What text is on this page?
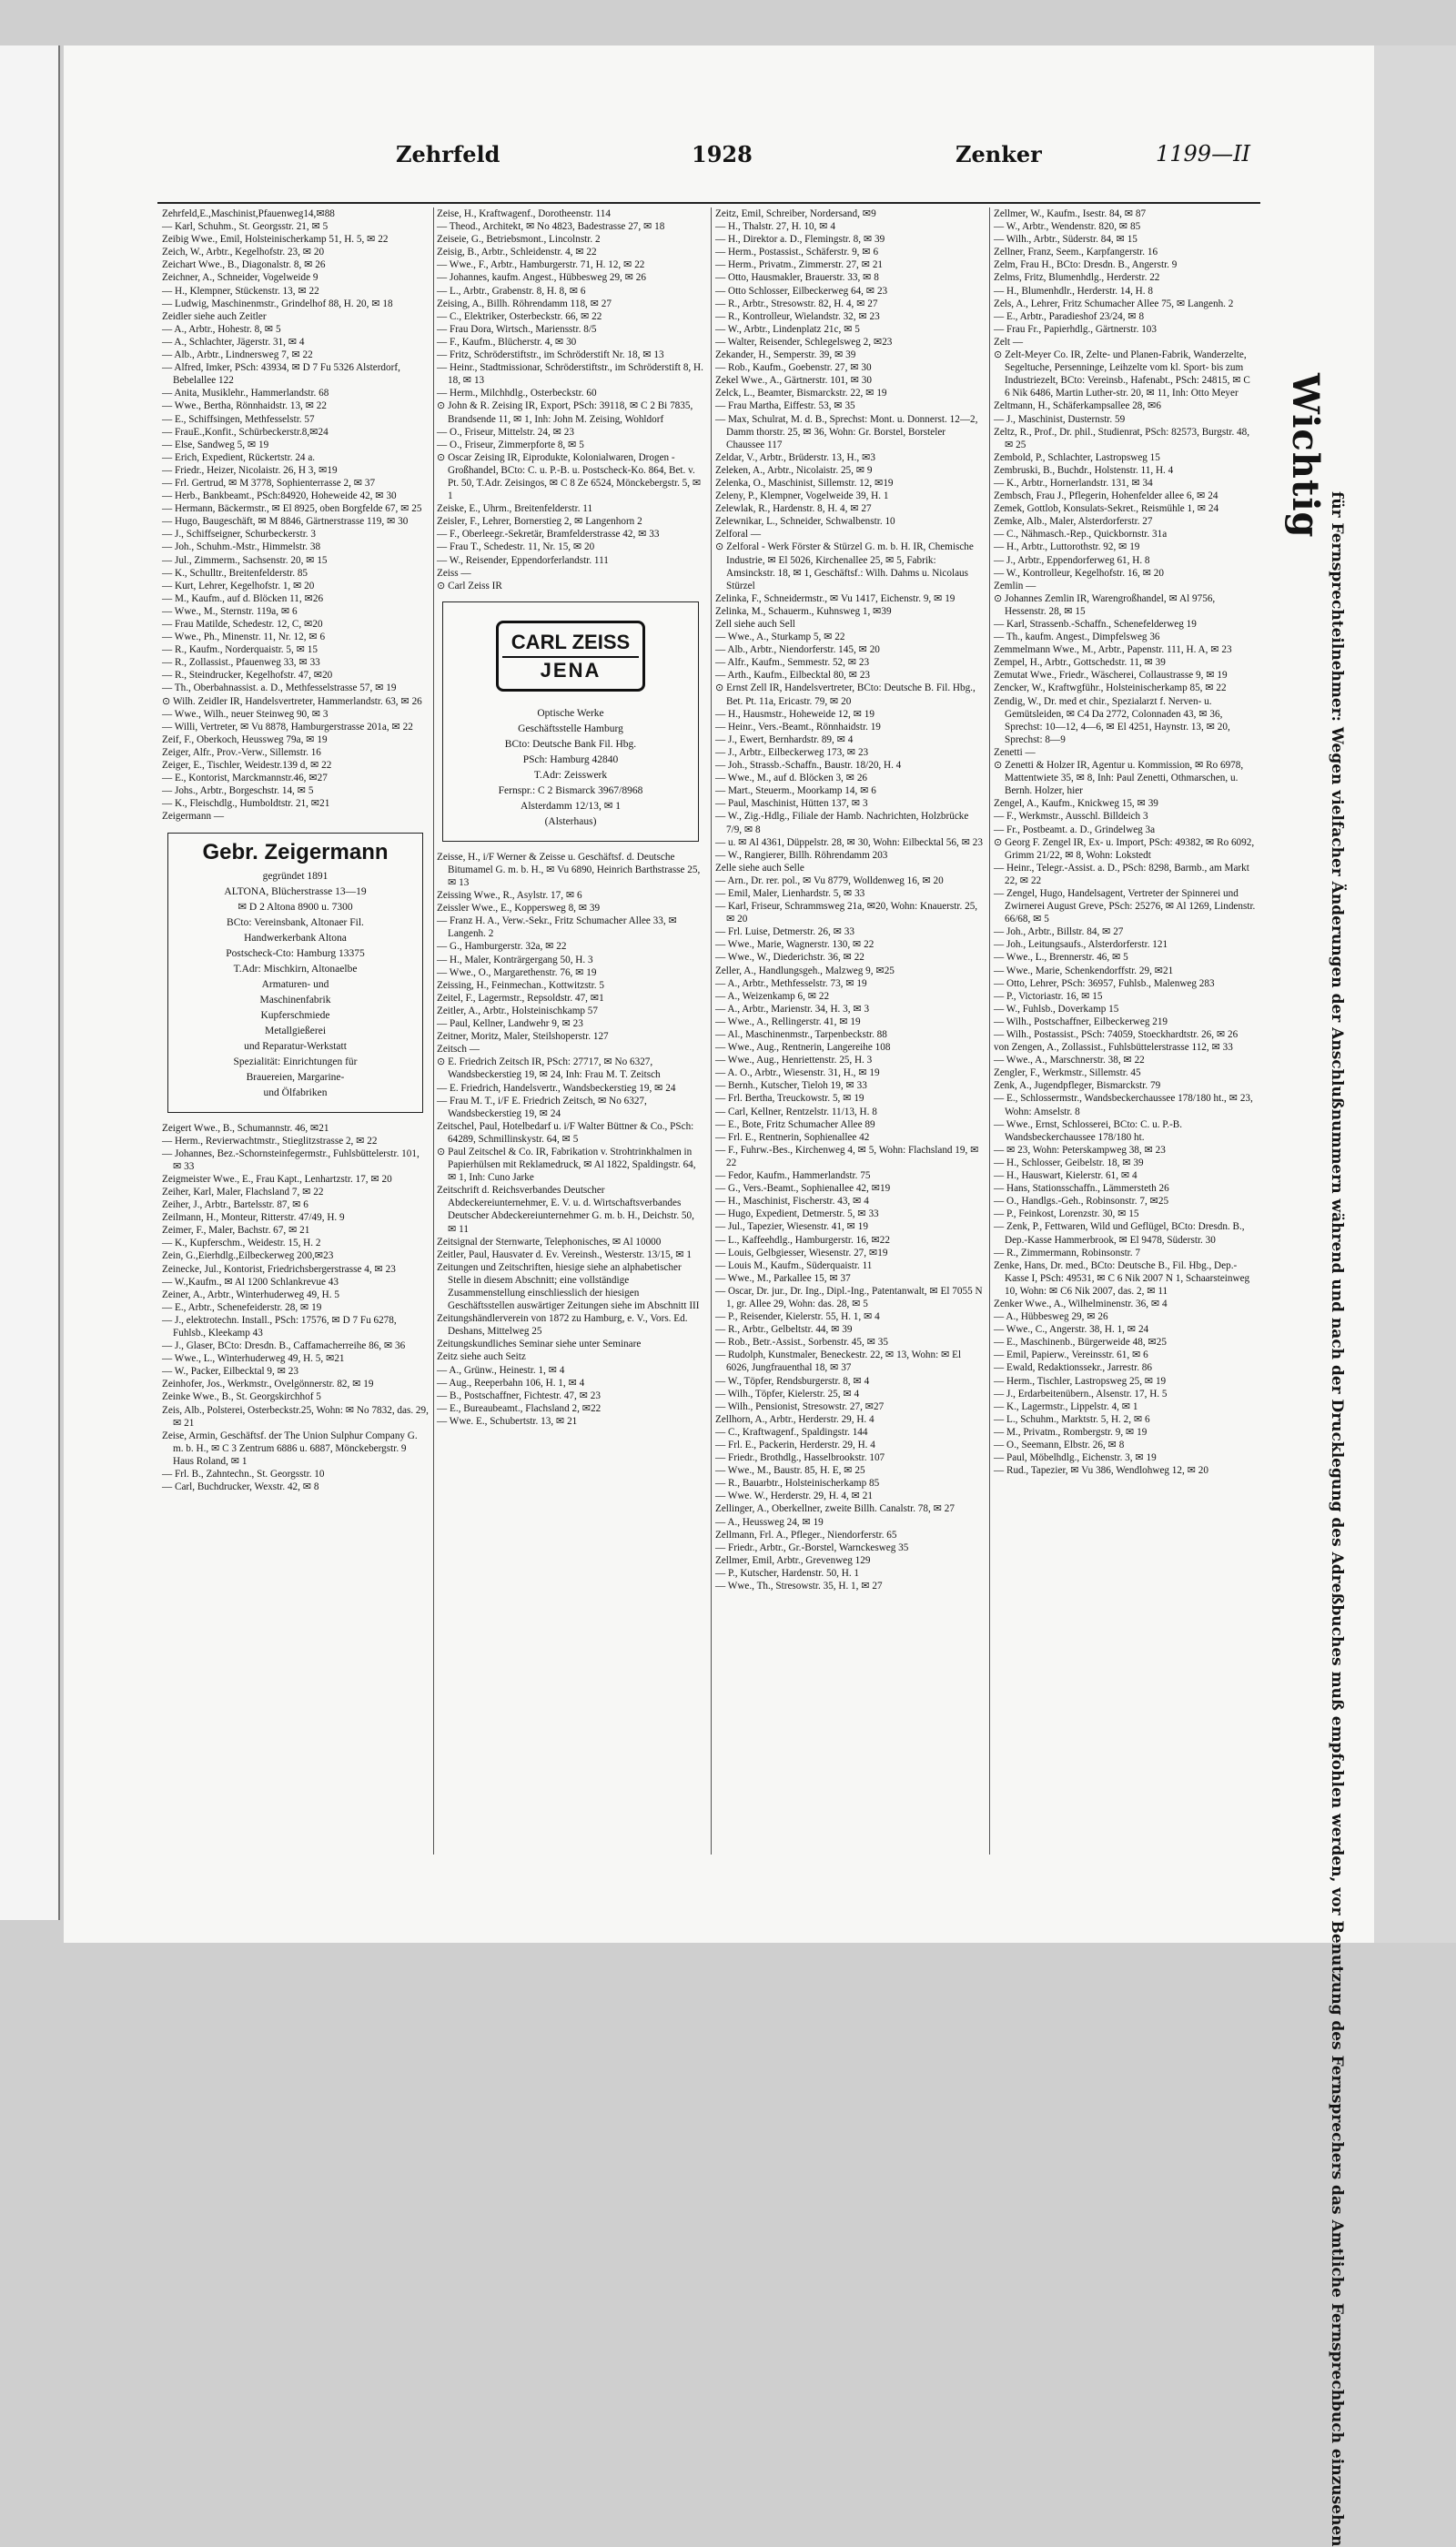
Zehrfeld	1928	Zenker	1199—II

Zehrfeld,E.,Maschinist,Pfauenweg14,✉88

— Karl, Schuhm., St. Georgsstr. 21, ✉ 5

Zeibig Wwe., Emil, Holsteinischerkamp 51, H. 5, ✉ 22

Zeich, W., Arbtr., Kegelhofstr. 23, ✉ 20

Zeichart Wwe., B., Diagonalstr. 8, ✉ 26

Zeichner, A., Schneider, Vogelweide 9

— H., Klempner, Stückenstr. 13, ✉ 22

— Ludwig, Maschinenmstr., Grindelhof 88, H. 20, ✉ 18

Zeidler siehe auch Zeitler

— A., Arbtr., Hohestr. 8, ✉ 5

— A., Schlachter, Jägerstr. 31, ✉ 4

— Alb., Arbtr., Lindnersweg 7, ✉ 22

— Alfred, Imker, PSch: 43934, ✉ D 7 Fu 5326 Alsterdorf, Bebelallee 122

— Anita, Musiklehr., Hammerlandstr. 68

— Wwe., Bertha, Rönnhaidstr. 13, ✉ 22

— E., Schiffsingen, Methfesselstr. 57

— FrauE.,Konfit., Schürbeckerstr.8,✉24

— Else, Sandweg 5, ✉ 19

— Erich, Expedient, Rückertstr. 24 a.

— Friedr., Heizer, Nicolaistr. 26, H 3, ✉19

— Frl. Gertrud, ✉ M 3778, Sophienterrasse 2, ✉ 37

— Herb., Bankbeamt., PSch:84920, Hoheweide 42, ✉ 30

— Hermann, Bäckermstr., ✉ El 8925, oben Borgfelde 67, ✉ 25

— Hugo, Baugeschäft, ✉ M 8846, Gärtnerstrasse 119, ✉ 30

— J., Schiffseigner, Schurbeckerstr. 3

— Joh., Schuhm.-Mstr., Himmelstr. 38

— Jul., Zimmerm., Sachsenstr. 20, ✉ 15

— K., Schulltr., Breitenfelderstr. 85

— Kurt, Lehrer, Kegelhofstr. 1, ✉ 20

— M., Kaufm., auf d. Blöcken 11, ✉26

— Wwe., M., Sternstr. 119a, ✉ 6

— Frau Matilde, Schedestr. 12, C, ✉20

— Wwe., Ph., Minenstr. 11, Nr. 12, ✉ 6

— R., Kaufm., Norderquaistr. 5, ✉ 15

— R., Zollassist., Pfauenweg 33, ✉ 33

— R., Steindrucker, Kegelhofstr. 47, ✉20

— Th., Oberbahnassist. a. D., Methfesselstrasse 57, ✉ 19

⊙ Wilh. Zeidler IR, Handelsvertreter, Hammerlandstr. 63, ✉ 26

— Wwe., Wilh., neuer Steinweg 90, ✉ 3

— Willi, Vertreter, ✉ Vu 8878, Hamburgerstrasse 201a, ✉ 22

Zeif, F., Oberkoch, Heussweg 79a, ✉ 19

Zeiger, Alfr., Prov.-Verw., Sillemstr. 16

Zeiger, E., Tischler, Weidestr.139 d, ✉ 22

— E., Kontorist, Marckmannstr.46, ✉27

— Johs., Arbtr., Borgeschstr. 14, ✉ 5

— K., Fleischdlg., Humboldtstr. 21, ✉21

Zeigermann —

Gebr. Zeigermann
gegründet 1891
ALTONA, Blücherstrasse 13—19
✉ D 2 Altona 8900 u. 7300
BCto: Vereinsbank, Altonaer Fil.
Handwerkerbank Altona
Postscheck-Cto: Hamburg 13375
T.Adr: Mischkirn, Altonaelbe
Armaturen- und
Maschinenfabrik
Kupferschmiede
Metallgießerei
und Reparatur-Werkstatt
Spezialität: Einrichtungen für
Brauereien, Margarine-
und Ölfabriken

Zeigert Wwe., B., Schumannstr. 46, ✉21

— Herm., Revierwachtmstr., Stieglitzstrasse 2, ✉ 22

— Johannes, Bez.-Schornsteinfegermstr., Fuhlsbüttelerstr. 101, ✉ 33

Zeigmeister Wwe., E., Frau Kapt., Lenhartzstr. 17, ✉ 20

Zeiher, Karl, Maler, Flachsland 7, ✉ 22

Zeiher, J., Arbtr., Bartelsstr. 87, ✉ 6

Zeilmann, H., Monteur, Ritterstr. 47/49, H. 9

Zeimer, F., Maler, Bachstr. 67, ✉ 21

— K., Kupferschm., Weidestr. 15, H. 2

Zein, G.,Eierhdlg.,Eilbeckerweg 200,✉23

Zeinecke, Jul., Kontorist, Friedrichsbergerstrasse 4, ✉ 23

— W.,Kaufm., ✉ Al 1200 Schlankrevue 43

Zeiner, A., Arbtr., Winterhuderweg 49, H. 5

— E., Arbtr., Schenefeiderstr. 28, ✉ 19

— J., elektrotechn. Install., PSch: 17576, ✉ D 7 Fu 6278, Fuhlsb., Kleekamp 43

— J., Glaser, BCto: Dresdn. B., Caffamacherreihe 86, ✉ 36

— Wwe., L., Winterhuderweg 49, H. 5, ✉21

— W., Packer, Eilbecktal 9, ✉ 23

Zeinhofer, Jos., Werkmstr., Ovelgönnerstr. 82, ✉ 19

Zeinke Wwe., B., St. Georgskirchhof 5

Zeis, Alb., Polsterei, Osterbeckstr.25, Wohn: ✉ No 7832, das. 29, ✉ 21

Zeise, Armin, Geschäftsf. der The Union Sulphur Company G. m. b. H., ✉ C 3 Zentrum 6886 u. 6887, Mönckebergstr. 9 Haus Roland, ✉ 1

— Frl. B., Zahntechn., St. Georgsstr. 10

— Carl, Buchdrucker, Wexstr. 42, ✉ 8

Zeise, H., Kraftwagenf., Dorotheenstr. 114

— Theod., Architekt, ✉ No 4823, Badestrasse 27, ✉ 18

Zeiseie, G., Betriebsmont., Lincolnstr. 2

Zeisig, B., Arbtr., Schleidenstr. 4, ✉ 22

— Wwe., F., Arbtr., Hamburgerstr. 71, H. 12, ✉ 22

— Johannes, kaufm. Angest., Hübbesweg 29, ✉ 26

— L., Arbtr., Grabenstr. 8, H. 8, ✉ 6

Zeising, A., Billh. Röhrendamm 118, ✉ 27

— C., Elektriker, Osterbeckstr. 66, ✉ 22

— Frau Dora, Wirtsch., Mariensstr. 8/5

— F., Kaufm., Blücherstr. 4, ✉ 30

— Fritz, Schröderstiftstr., im Schröderstift Nr. 18, ✉ 13

— Heinr., Stadtmissionar, Schröderstiftstr., im Schröderstift 8, H. 18, ✉ 13

— Herm., Milchhdlg., Osterbeckstr. 60

⊙ John & R. Zeising IR, Export, PSch: 39118, ✉ C 2 Bi 7835, Brandsende 11, ✉ 1, Inh: John M. Zeising, Wohldorf

— O., Friseur, Mittelstr. 24, ✉ 23

— O., Friseur, Zimmerpforte 8, ✉ 5

⊙ Oscar Zeising IR, Eiprodukte, Kolonialwaren, Drogen - Großhandel, BCto: C. u. P.-B. u. Postscheck-Ko. 864, Bet. v. Pt. 50, T.Adr. Zeisingos, ✉ C 8 Ze 6524, Mönckebergstr. 5, ✉ 1

Zeiske, E., Uhrm., Breitenfelderstr. 11

Zeisler, F., Lehrer, Bornerstieg 2, ✉ Langenhorn 2

— F., Oberleegr.-Sekretär, Bramfelderstrasse 42, ✉ 33

— Frau T., Schedestr. 11, Nr. 15, ✉ 20

— W., Reisender, Eppendorferlandstr. 111

Zeiss —

⊙ Carl Zeiss IR

CARL ZEISS
JENA
Optische Werke
Geschäftsstelle Hamburg
BCto: Deutsche Bank Fil. Hbg.
PSch: Hamburg 42840
T.Adr: Zeisswerk
Fernspr.: C 2 Bismarck 3967/8968
Alsterdamm 12/13, ✉ 1
(Alsterhaus)

Zeisse, H., i/F Werner & Zeisse u. Geschäftsf. d. Deutsche Bitumamel G. m. b. H., ✉ Vu 6890, Heinrich Barthstrasse 25, ✉ 13

Zeissing Wwe., R., Asylstr. 17, ✉ 6

Zeissler Wwe., E., Koppersweg 8, ✉ 39

— Franz H. A., Verw.-Sekr., Fritz Schumacher Allee 33, ✉ Langenh. 2

— G., Hamburgerstr. 32a, ✉ 22

— H., Maler, Konträrgergang 50, H. 3

— Wwe., O., Margarethenstr. 76, ✉ 19

Zeissing, H., Feinmechan., Kottwitzstr. 5

Zeitel, F., Lagermstr., Repsoldstr. 47, ✉1

Zeitler, A., Arbtr., Holsteinischkamp 57

— Paul, Kellner, Landwehr 9, ✉ 23

Zeitner, Moritz, Maler, Steilshoperstr. 127

Zeitsch —

⊙ E. Friedrich Zeitsch IR, PSch: 27717, ✉ No 6327, Wandsbeckerstieg 19, ✉ 24, Inh: Frau M. T. Zeitsch

— E. Friedrich, Handelsvertr., Wandsbeckerstieg 19, ✉ 24

— Frau M. T., i/F E. Friedrich Zeitsch, ✉ No 6327, Wandsbeckerstieg 19, ✉ 24

Zeitschel, Paul, Hotelbedarf u. i/F Walter Büttner & Co., PSch: 64289, Schmillinskystr. 64, ✉ 5

⊙ Paul Zeitschel & Co. IR, Fabrikation v. Strohtrinkhalmen in Papierhülsen mit Reklamedruck, ✉ Al 1822, Spaldingstr. 64, ✉ 1, Inh: Cuno Jarke

Zeitschrift d. Reichsverbandes Deutscher Abdeckereiunternehmer, E. V. u. d. Wirtschaftsverbandes Deutscher Abdeckereiunternehmer G. m. b. H., Deichstr. 50, ✉ 11

Zeitsignal der Sternwarte, Telephonisches, ✉ Al 10000

Zeitler, Paul, Hausvater d. Ev. Vereinsh., Westerstr. 13/15, ✉ 1

Zeitungen und Zeitschriften, hiesige siehe an alphabetischer Stelle in diesem Abschnitt; eine vollständige Zusammenstellung einschliesslich der hiesigen Geschäftsstellen auswärtiger Zeitungen siehe im Abschnitt III

Zeitungshändlerverein von 1872 zu Hamburg, e. V., Vors. Ed. Deshans, Mittelweg 25

Zeitungskundliches Seminar siehe unter Seminare

Zeitz siehe auch Seitz

— A., Grünw., Heinestr. 1, ✉ 4

— Aug., Reeperbahn 106, H. 1, ✉ 4

— B., Postschaffner, Fichtestr. 47, ✉ 23

— E., Bureaubeamt., Flachsland 2, ✉22

— Wwe. E., Schubertstr. 13, ✉ 21

Zeitz, Emil, Schreiber, Nordersand, ✉9

— H., Thalstr. 27, H. 10, ✉ 4

— H., Direktor a. D., Flemingstr. 8, ✉ 39

— Herm., Postassist., Schäferstr. 9, ✉ 6

— Herm., Privatm., Zimmerstr. 27, ✉ 21

— Otto, Hausmakler, Brauerstr. 33, ✉ 8

— Otto Schlosser, Eilbeckerweg 64, ✉ 23

— R., Arbtr., Stresowstr. 82, H. 4, ✉ 27

— R., Kontrolleur, Wielandstr. 32, ✉ 23

— W., Arbtr., Lindenplatz 21c, ✉ 5

— Walter, Reisender, Schlegelsweg 2, ✉23

Zekander, H., Semperstr. 39, ✉ 39

— Rob., Kaufm., Goebenstr. 27, ✉ 30

Zekel Wwe., A., Gärtnerstr. 101, ✉ 30

Zelck, L., Beamter, Bismarckstr. 22, ✉ 19

— Frau Martha, Eiffestr. 53, ✉ 35

— Max, Schulrat, M. d. B., Sprechst: Mont. u. Donnerst. 12—2, Damm thorstr. 25, ✉ 36, Wohn: Gr. Borstel, Borsteler Chaussee 117

Zeldar, V., Arbtr., Brüderstr. 13, H., ✉3

Zeleken, A., Arbtr., Nicolaistr. 25, ✉ 9

Zelenka, O., Maschinist, Sillemstr. 12, ✉19

Zeleny, P., Klempner, Vogelweide 39, H. 1

Zelewlak, R., Hardenstr. 8, H. 4, ✉ 27

Zelewnikar, L., Schneider, Schwalbenstr. 10

Zelforal —

⊙ Zelforal - Werk Förster & Stürzel G. m. b. H. IR, Chemische Industrie, ✉ El 5026, Kirchenallee 25, ✉ 5, Fabrik: Amsinckstr. 18, ✉ 1, Geschäftsf.: Wilh. Dahms u. Nicolaus Stürzel

Zelinka, F., Schneidermstr., ✉ Vu 1417, Eichenstr. 9, ✉ 19

Zelinka, M., Schauerm., Kuhnsweg 1, ✉39

Zell siehe auch Sell

— Wwe., A., Sturkamp 5, ✉ 22

— Alb., Arbtr., Niendorferstr. 145, ✉ 20

— Alfr., Kaufm., Semmestr. 52, ✉ 23

— Arth., Kaufm., Eilbecktal 80, ✉ 23

⊙ Ernst Zell IR, Handelsvertreter, BCto: Deutsche B. Fil. Hbg., Bet. Pt. 11a, Ericastr. 79, ✉ 20

— H., Hausmstr., Hoheweide 12, ✉ 19

— Heinr., Vers.-Beamt., Rönnhaidstr. 19

— J., Ewert, Bernhardstr. 89, ✉ 4

— J., Arbtr., Eilbeckerweg 173, ✉ 23

— Joh., Strassb.-Schaffn., Baustr. 18/20, H. 4

— Wwe., M., auf d. Blöcken 3, ✉ 26

— Mart., Steuerm., Moorkamp 14, ✉ 6

— Paul, Maschinist, Hütten 137, ✉ 3

— W., Zig.-Hdlg., Filiale der Hamb. Nachrichten, Holzbrücke 7/9, ✉ 8

— u. ✉ Al 4361, Düppelstr. 28, ✉ 30, Wohn: Eilbecktal 56, ✉ 23

— W., Rangierer, Billh. Röhrendamm 203

Zelle siehe auch Selle

— Arn., Dr. rer. pol., ✉ Vu 8779, Wolldenweg 16, ✉ 20

— Emil, Maler, Lienhardstr. 5, ✉ 33

— Karl, Friseur, Schrammsweg 21a, ✉20, Wohn: Knauerstr. 25, ✉ 20

— Frl. Luise, Detmerstr. 26, ✉ 33

— Wwe., Marie, Wagnerstr. 130, ✉ 22

— Wwe., W., Diederichstr. 36, ✉ 22

Zeller, A., Handlungsgeh., Malzweg 9, ✉25

— A., Arbtr., Methfesselstr. 73, ✉ 19

— A., Weizenkamp 6, ✉ 22

— A., Arbtr., Marienstr. 34, H. 3, ✉ 3

— Wwe., A., Rellingerstr. 41, ✉ 19

— Al., Maschinenmstr., Tarpenbeckstr. 88

— Wwe., Aug., Rentnerin, Langereihe 108

— Wwe., Aug., Henriettenstr. 25, H. 3

— A. O., Arbtr., Wiesenstr. 31, H., ✉ 19

— Bernh., Kutscher, Tieloh 19, ✉ 33

— Frl. Bertha, Treuckowstr. 5, ✉ 19

— Carl, Kellner, Rentzelstr. 11/13, H. 8

— E., Bote, Fritz Schumacher Allee 89

— Frl. E., Rentnerin, Sophienallee 42

— F., Fuhrw.-Bes., Kirchenweg 4, ✉ 5, Wohn: Flachsland 19, ✉ 22

— Fedor, Kaufm., Hammerlandstr. 75

— G., Vers.-Beamt., Sophienallee 42, ✉19

— H., Maschinist, Fischerstr. 43, ✉ 4

— Hugo, Expedient, Detmerstr. 5, ✉ 33

— Jul., Tapezier, Wiesenstr. 41, ✉ 19

— L., Kaffeehdlg., Hamburgerstr. 16, ✉22

— Louis, Gelbgiesser, Wiesenstr. 27, ✉19

— Louis M., Kaufm., Süderquaistr. 11

— Wwe., M., Parkallee 15, ✉ 37

— Oscar, Dr. jur., Dr. Ing., Dipl.-Ing., Patentanwalt, ✉ El 7055 N 1, gr. Allee 29, Wohn: das. 28, ✉ 5

— P., Reisender, Kielerstr. 55, H. 1, ✉ 4

— R., Arbtr., Gelbeltstr. 44, ✉ 39

— Rob., Betr.-Assist., Sorbenstr. 45, ✉ 35

— Rudolph, Kunstmaler, Beneckestr. 22, ✉ 13, Wohn: ✉ El 6026, Jungfrauenthal 18, ✉ 37

— W., Töpfer, Rendsburgerstr. 8, ✉ 4

— Wilh., Töpfer, Kielerstr. 25, ✉ 4

— Wilh., Pensionist, Stresowstr. 27, ✉27

Zellhorn, A., Arbtr., Herderstr. 29, H. 4

— C., Kraftwagenf., Spaldingstr. 144

— Frl. E., Packerin, Herderstr. 29, H. 4

— Friedr., Brothdlg., Hasselbrookstr. 107

— Wwe., M., Baustr. 85, H. E, ✉ 25

— R., Bauarbtr., Holsteinischerkamp 85

— Wwe. W., Herderstr. 29, H. 4, ✉ 21

Zellinger, A., Oberkellner, zweite Billh. Canalstr. 78, ✉ 27

— A., Heussweg 24, ✉ 19

Zellmann, Frl. A., Pfleger., Niendorferstr. 65

— Friedr., Arbtr., Gr.-Borstel, Warnckesweg 35

Zellmer, Emil, Arbtr., Grevenweg 129

— P., Kutscher, Hardenstr. 50, H. 1

— Wwe., Th., Stresowstr. 35, H. 1, ✉ 27

Zellmer, W., Kaufm., Isestr. 84, ✉ 87

— W., Arbtr., Wendenstr. 820, ✉ 85

— Wilh., Arbtr., Süderstr. 84, ✉ 15

Zellner, Franz, Seem., Karpfangerstr. 16

Zelm, Frau H., BCto: Dresdn. B., Angerstr. 9

Zelms, Fritz, Blumenhdlg., Herderstr. 22

— H., Blumenhdlr., Herderstr. 14, H. 8

Zels, A., Lehrer, Fritz Schumacher Allee 75, ✉ Langenh. 2

— E., Arbtr., Paradieshof 23/24, ✉ 8

— Frau Fr., Papierhdlg., Gärtnerstr. 103

Zelt —

⊙ Zelt-Meyer Co. IR, Zelte- und Planen-Fabrik, Wanderzelte, Segeltuche, Persenninge, Leihzelte vom kl. Sport- bis zum Industriezelt, BCto: Vereinsb., Hafenabt., PSch: 24815, ✉ C 6 Nik 6486, Martin Luther-str. 20, ✉ 11, Inh: Otto Meyer

Zeltmann, H., Schäferkampsallee 28, ✉6

— J., Maschinist, Dusternstr. 59

Zeltz, R., Prof., Dr. phil., Studienrat, PSch: 82573, Burgstr. 48, ✉ 25

Zembold, P., Schlachter, Lastropsweg 15

Zembruski, B., Buchdr., Holstenstr. 11, H. 4

— K., Arbtr., Hornerlandstr. 131, ✉ 34

Zembsch, Frau J., Pflegerin, Hohenfelder allee 6, ✉ 24

Zemek, Gottlob, Konsulats-Sekret., Reismühle 1, ✉ 24

Zemke, Alb., Maler, Alsterdorferstr. 27

— C., Nähmasch.-Rep., Quickbornstr. 31a

— H., Arbtr., Luttorothstr. 92, ✉ 19

— J., Arbtr., Eppendorferweg 61, H. 8

— W., Kontrolleur, Kegelhofstr. 16, ✉ 20

Zemlin —

⊙ Johannes Zemlin IR, Warengroßhandel, ✉ Al 9756, Hessenstr. 28, ✉ 15

— Karl, Strassenb.-Schaffn., Schenefelderweg 19

— Th., kaufm. Angest., Dimpfelsweg 36

Zemmelmann Wwe., M., Arbtr., Papenstr. 111, H. A, ✉ 23

Zempel, H., Arbtr., Gottschedstr. 11, ✉ 39

Zemutat Wwe., Friedr., Wäscherei, Collaustrasse 9, ✉ 19

Zencker, W., Kraftwgführ., Holsteinischerkamp 85, ✉ 22

Zendig, W., Dr. med et chir., Spezialarzt f. Nerven- u. Gemütsleiden, ✉ C4 Da 2772, Colonnaden 43, ✉ 36, Sprechst: 10—12, 4—6, ✉ El 4251, Haynstr. 13, ✉ 20, Sprechst: 8—9

Zenetti —

⊙ Zenetti & Holzer IR, Agentur u. Kommission, ✉ Ro 6978, Mattentwiete 35, ✉ 8, Inh: Paul Zenetti, Othmarschen, u. Bernh. Holzer, hier

Zengel, A., Kaufm., Knickweg 15, ✉ 39

— F., Werkmstr., Ausschl. Billdeich 3

— Fr., Postbeamt. a. D., Grindelweg 3a

⊙ Georg F. Zengel IR, Ex- u. Import, PSch: 49382, ✉ Ro 6092, Grimm 21/22, ✉ 8, Wohn: Lokstedt

— Heinr., Telegr.-Assist. a. D., PSch: 8298, Barmb., am Markt 22, ✉ 22

— Zengel, Hugo, Handelsagent, Vertreter der Spinnerei und Zwirnerei August Greve, PSch: 25276, ✉ Al 1269, Lindenstr. 66/68, ✉ 5

— Joh., Arbtr., Billstr. 84, ✉ 27

— Joh., Leitungsaufs., Alsterdorferstr. 121

— Wwe., L., Brennerstr. 46, ✉ 5

— Wwe., Marie, Schenkendorffstr. 29, ✉21

— Otto, Lehrer, PSch: 36957, Fuhlsb., Malenweg 283

— P., Victoriastr. 16, ✉ 15

— W., Fuhlsb., Doverkamp 15

— Wilh., Postschaffner, Eilbeckerweg 219

— Wilh., Postassist., PSch: 74059, Stoeckhardtstr. 26, ✉ 26

von Zengen, A., Zollassist., Fuhlsbüttelerstrasse 112, ✉ 33

— Wwe., A., Marschnerstr. 38, ✉ 22

Zengler, F., Werkmstr., Sillemstr. 45

Zenk, A., Jugendpfleger, Bismarckstr. 79

— E., Schlossermstr., Wandsbeckerchaussee 178/180 ht., ✉ 23, Wohn: Amselstr. 8

— Wwe., Ernst, Schlosserei, BCto: C. u. P.-B. Wandsbeckerchaussee 178/180 ht.

— ✉ 23, Wohn: Peterskampweg 38, ✉ 23

— H., Schlosser, Geibelstr. 18, ✉ 39

— H., Hauswart, Kielerstr. 61, ✉ 4

— Hans, Stationsschaffn., Lämmersteth 26

— O., Handlgs.-Geh., Robinsonstr. 7, ✉25

— P., Feinkost, Lorenzstr. 30, ✉ 15

— Zenk, P., Fettwaren, Wild und Geflügel, BCto: Dresdn. B., Dep.-Kasse Hammerbrook, ✉ El 9478, Süderstr. 30

— R., Zimmermann, Robinsonstr. 7

Zenke, Hans, Dr. med., BCto: Deutsche B., Fil. Hbg., Dep.-Kasse I, PSch: 49531, ✉ C 6 Nik 2007 N 1, Schaarsteinweg 10, Wohn: ✉ C6 Nik 2007, das. 2, ✉ 11

Zenker Wwe., A., Wilhelminenstr. 36, ✉ 4

— A., Hübbesweg 29, ✉ 26

— Wwe., C., Angerstr. 38, H. 1, ✉ 24

— E., Maschinenb., Bürgerweide 48, ✉25

— Emil, Papierw., Vereinsstr. 61, ✉ 6

— Ewald, Redaktionssekr., Jarrestr. 86

— Herm., Tischler, Lastropsweg 25, ✉ 19

— J., Erdarbeitenübern., Alsenstr. 17, H. 5

— K., Lagermstr., Lippelstr. 4, ✉ 1

— L., Schuhm., Marktstr. 5, H. 2, ✉ 6

— M., Privatm., Rombergstr. 9, ✉ 19

— O., Seemann, Elbstr. 26, ✉ 8

— Paul, Möbelhdlg., Eichenstr. 3, ✉ 19

— Rud., Tapezier, ✉ Vu 386, Wendlohweg 12, ✉ 20

Wichtig
für Fernsprechteilnehmer: Wegen vielfacher Änderungen der Anschlußnummern während und nach der Drucklegung des Adreßbuches muß empfohlen werden, vor Benutzung des Fernsprechers das Amtliche Fernsprechbuch einzusehen
